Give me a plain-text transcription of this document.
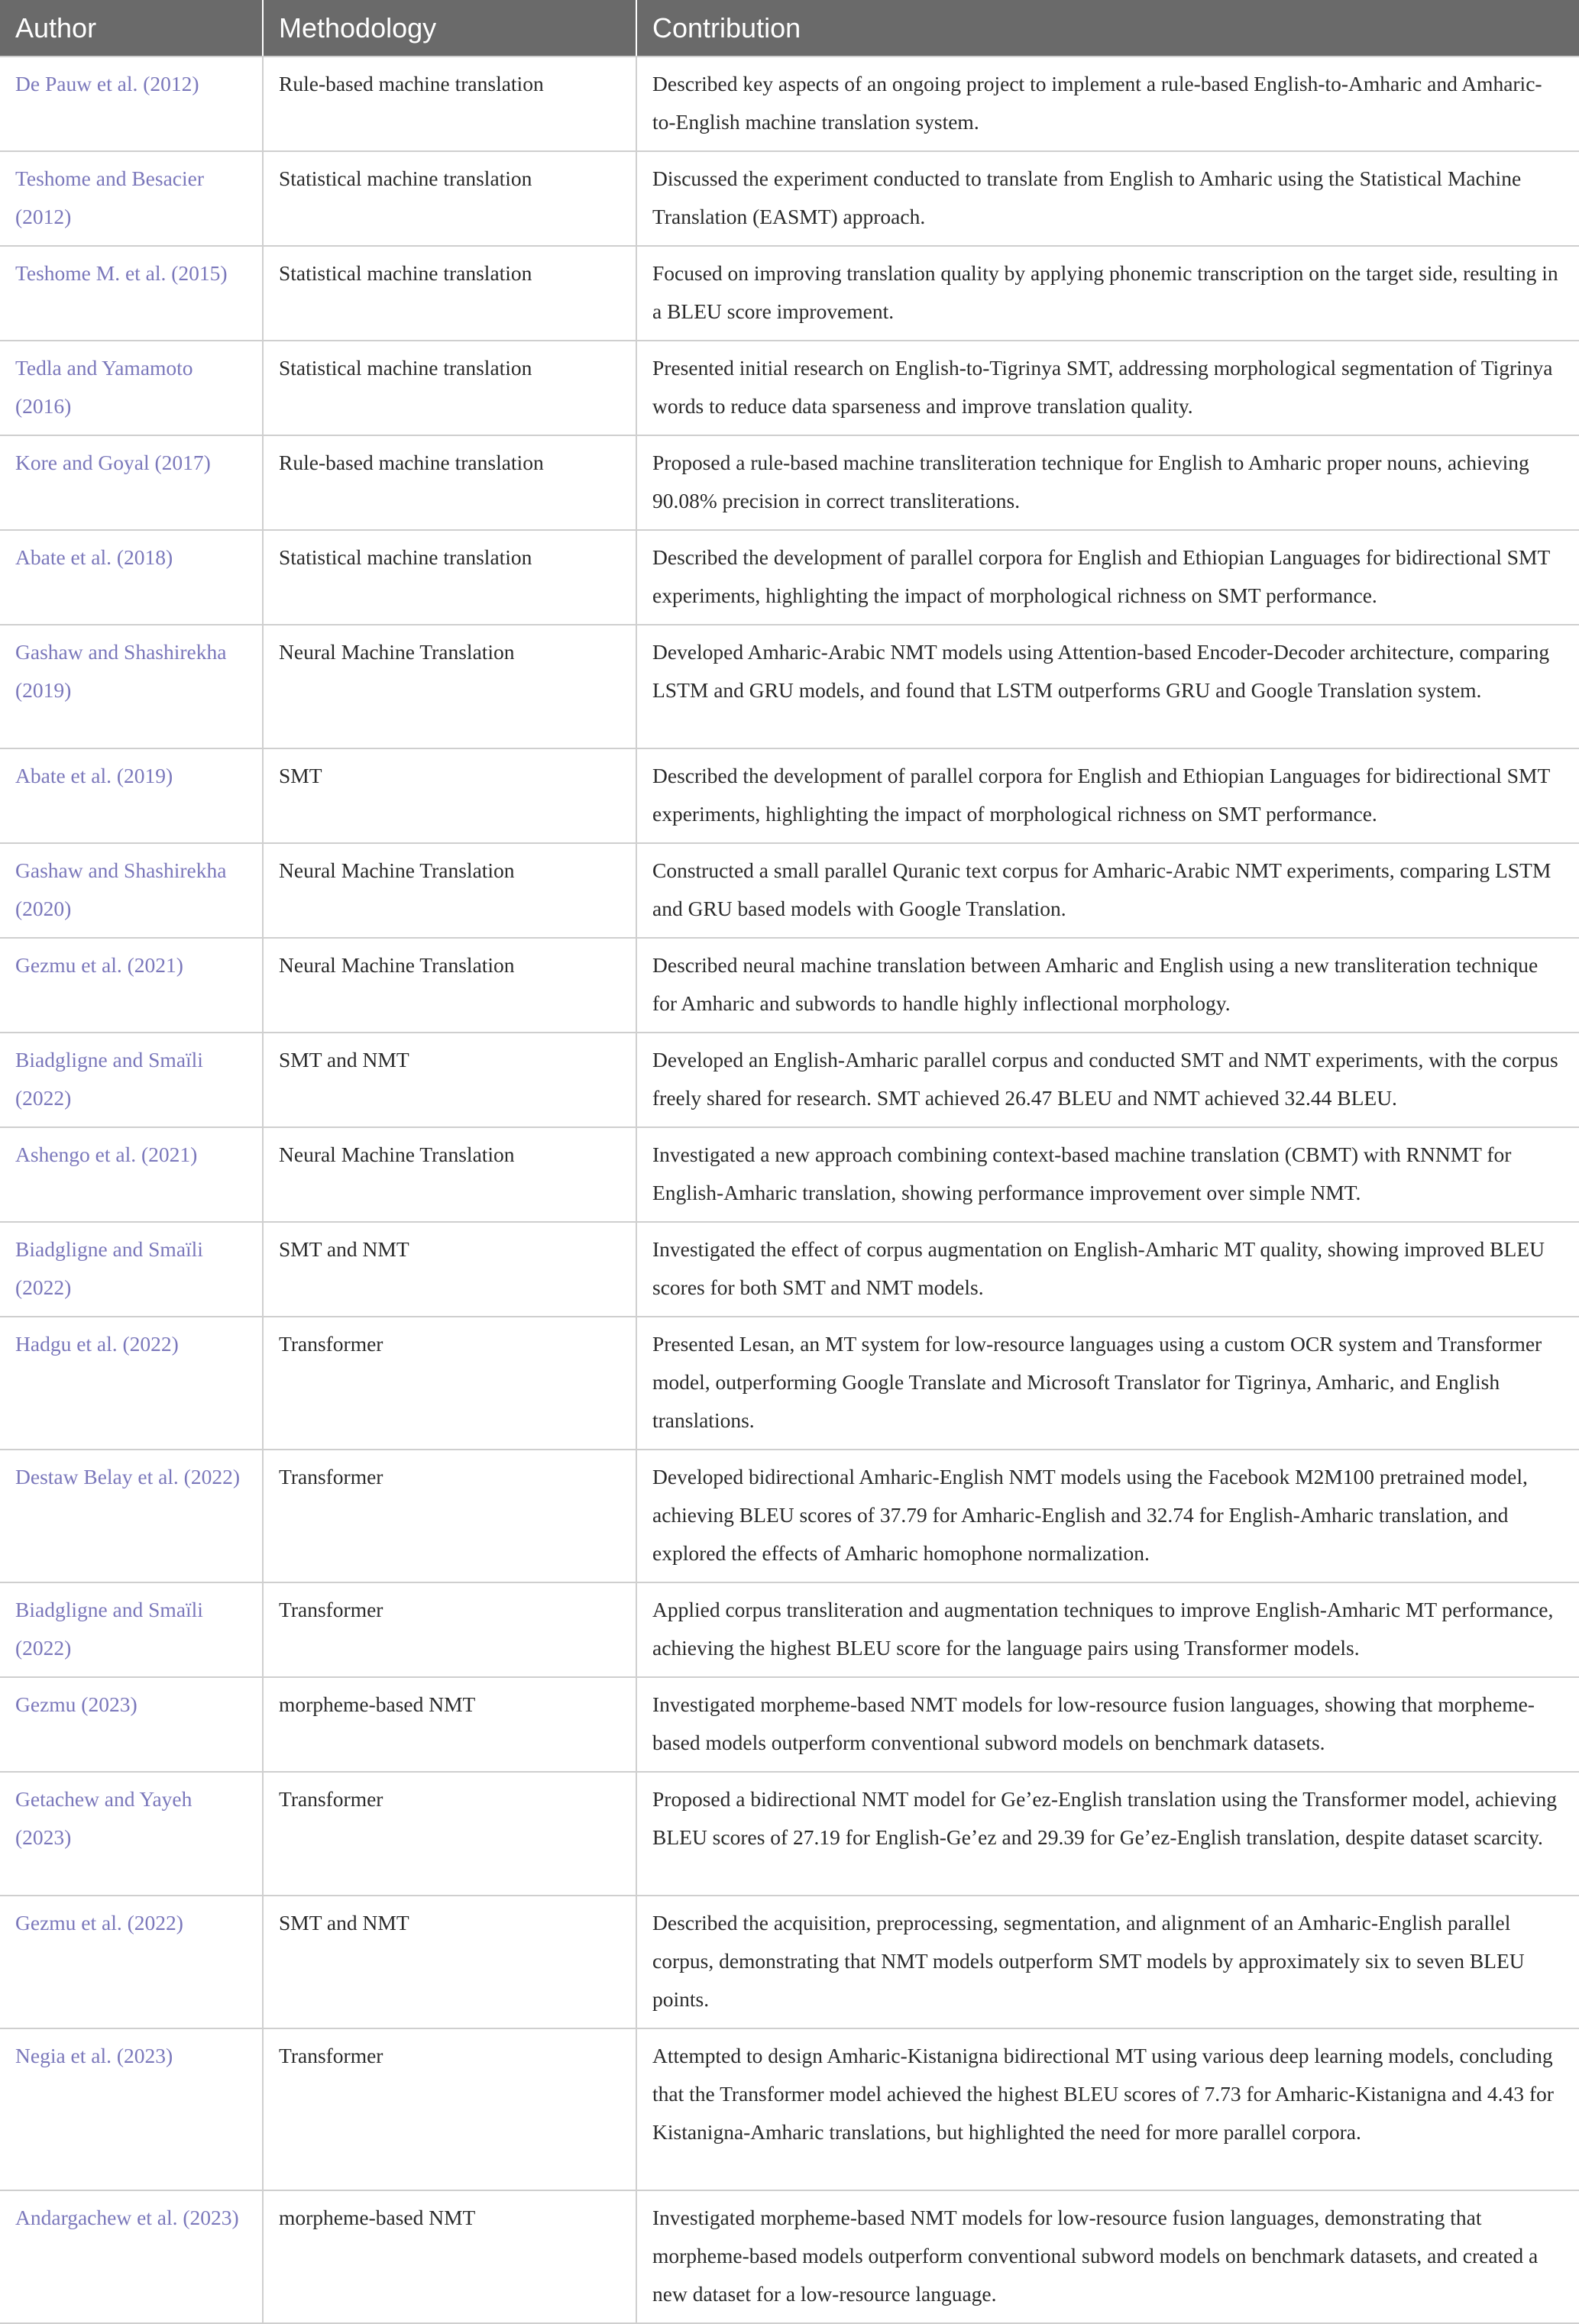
Author	Methodology	Contribution
De Pauw et al. (2012)	Rule-based machine translation	Described key aspects of an ongoing project to implement a rule-based English-to-Amharic and Amharic-to-English machine translation system.
Teshome and Besacier (2012)	Statistical machine translation	Discussed the experiment conducted to translate from English to Amharic using the Statistical Machine Translation (EASMT) approach.
Teshome M. et al. (2015)	Statistical machine translation	Focused on improving translation quality by applying phonemic transcription on the target side, resulting in a BLEU score improvement.
Tedla and Yamamoto (2016)	Statistical machine translation	Presented initial research on English-to-Tigrinya SMT, addressing morphological segmentation of Tigrinya words to reduce data sparseness and improve translation quality.
Kore and Goyal (2017)	Rule-based machine translation	Proposed a rule-based machine transliteration technique for English to Amharic proper nouns, achieving 90.08% precision in correct transliterations.
Abate et al. (2018)	Statistical machine translation	Described the development of parallel corpora for English and Ethiopian Languages for bidirectional SMT experiments, highlighting the impact of morphological richness on SMT performance.
Gashaw and Shashirekha (2019)	Neural Machine Translation	Developed Amharic-Arabic NMT models using Attention-based Encoder-Decoder architecture, comparing LSTM and GRU models, and found that LSTM outperforms GRU and Google Translation system.
Abate et al. (2019)	SMT	Described the development of parallel corpora for English and Ethiopian Languages for bidirectional SMT experiments, highlighting the impact of morphological richness on SMT performance.
Gashaw and Shashirekha (2020)	Neural Machine Translation	Constructed a small parallel Quranic text corpus for Amharic-Arabic NMT experiments, comparing LSTM and GRU based models with Google Translation.
Gezmu et al. (2021)	Neural Machine Translation	Described neural machine translation between Amharic and English using a new transliteration technique for Amharic and subwords to handle highly inflectional morphology.
Biadgligne and Smaïli (2022)	SMT and NMT	Developed an English-Amharic parallel corpus and conducted SMT and NMT experiments, with the corpus freely shared for research. SMT achieved 26.47 BLEU and NMT achieved 32.44 BLEU.
Ashengo et al. (2021)	Neural Machine Translation	Investigated a new approach combining context-based machine translation (CBMT) with RNNMT for English-Amharic translation, showing performance improvement over simple NMT.
Biadgligne and Smaïli (2022)	SMT and NMT	Investigated the effect of corpus augmentation on English-Amharic MT quality, showing improved BLEU scores for both SMT and NMT models.
Hadgu et al. (2022)	Transformer	Presented Lesan, an MT system for low-resource languages using a custom OCR system and Transformer model, outperforming Google Translate and Microsoft Translator for Tigrinya, Amharic, and English translations.
Destaw Belay et al. (2022)	Transformer	Developed bidirectional Amharic-English NMT models using the Facebook M2M100 pretrained model, achieving BLEU scores of 37.79 for Amharic-English and 32.74 for English-Amharic translation, and explored the effects of Amharic homophone normalization.
Biadgligne and Smaïli (2022)	Transformer	Applied corpus transliteration and augmentation techniques to improve English-Amharic MT performance, achieving the highest BLEU score for the language pairs using Transformer models.
Gezmu (2023)	morpheme-based NMT	Investigated morpheme-based NMT models for low-resource fusion languages, showing that morpheme-based models outperform conventional subword models on benchmark datasets.
Getachew and Yayeh (2023)	Transformer	Proposed a bidirectional NMT model for Geʼez-English translation using the Transformer model, achieving BLEU scores of 27.19 for English-Geʼez and 29.39 for Geʼez-English translation, despite dataset scarcity.
Gezmu et al. (2022)	SMT and NMT	Described the acquisition, preprocessing, segmentation, and alignment of an Amharic-English parallel corpus, demonstrating that NMT models outperform SMT models by approximately six to seven BLEU points.
Negia et al. (2023)	Transformer	Attempted to design Amharic-Kistanigna bidirectional MT using various deep learning models, concluding that the Transformer model achieved the highest BLEU scores of 7.73 for Amharic-Kistanigna and 4.43 for Kistanigna-Amharic translations, but highlighted the need for more parallel corpora.
Andargachew et al. (2023)	morpheme-based NMT	Investigated morpheme-based NMT models for low-resource fusion languages, demonstrating that morpheme-based models outperform conventional subword models on benchmark datasets, and created a new dataset for a low-resource language.
